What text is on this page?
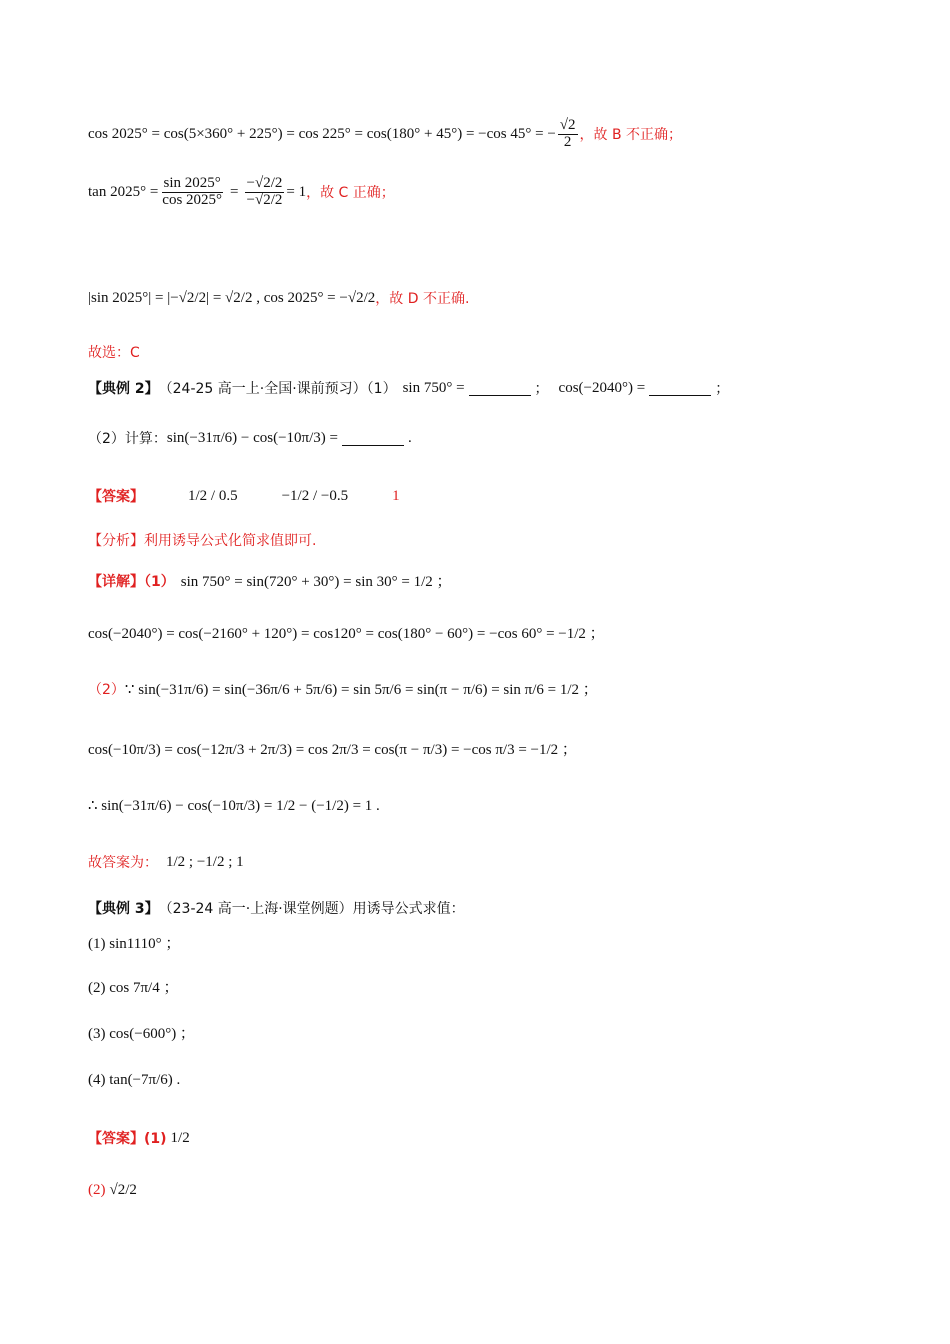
cos 2025° = cos(5×360° + 225°) = cos 225° = cos(180° + 45°) = −cos 45° = − $\frac{√2}{2}$ ，故 B 不正确；
$\tan 2025^\circ = \frac{\sin 2025^\circ}{\cos 2025^\circ} = \frac{-√2/2}{-√2/2} = 1$ ，故 C 正确；
|sin 2025°| = |−√2/2| = √2/2 , cos 2025° = −√2/2 ，故 D 不正确.
故选：C
【典例 2】 （24-25 高一上·全国·课前预习）（1） sin 750° =	； cos(−2040°) =	；
（2）计算： sin(−31π/6) − cos(−10π/3) =	.
【答案】	1/2 / 0.5	−1/2 / −0.5	1
【分析】利用诱导公式化简求值即可.
【详解】（1） sin 750° = sin(720° + 30°) = sin 30° = 1/2 ；
cos(−2040°) = cos(−2160° + 120°) = cos120° = cos(180° − 60°) = −cos 60° = −1/2 ；
（2） ∵ sin(−31π/6) = sin(−36π/6 + 5π/6) = sin 5π/6 = sin(π − π/6) = sin π/6 = 1/2 ；
cos(−10π/3) = cos(−12π/3 + 2π/3) = cos 2π/3 = cos(π − π/3) = −cos π/3 = −1/2 ；
∴ sin(−31π/6) − cos(−10π/3) = 1/2 − (−1/2) = 1 .
故答案为： 1/2 ; −1/2 ; 1
【典例 3】 （23-24 高一·上海·课堂例题）用诱导公式求值：
(1) sin1110° ；
(2) cos 7π/4 ；
(3) cos(−600°) ；
(4) tan(−7π/6) .
【答案】(1) 1/2
(2) √2/2
